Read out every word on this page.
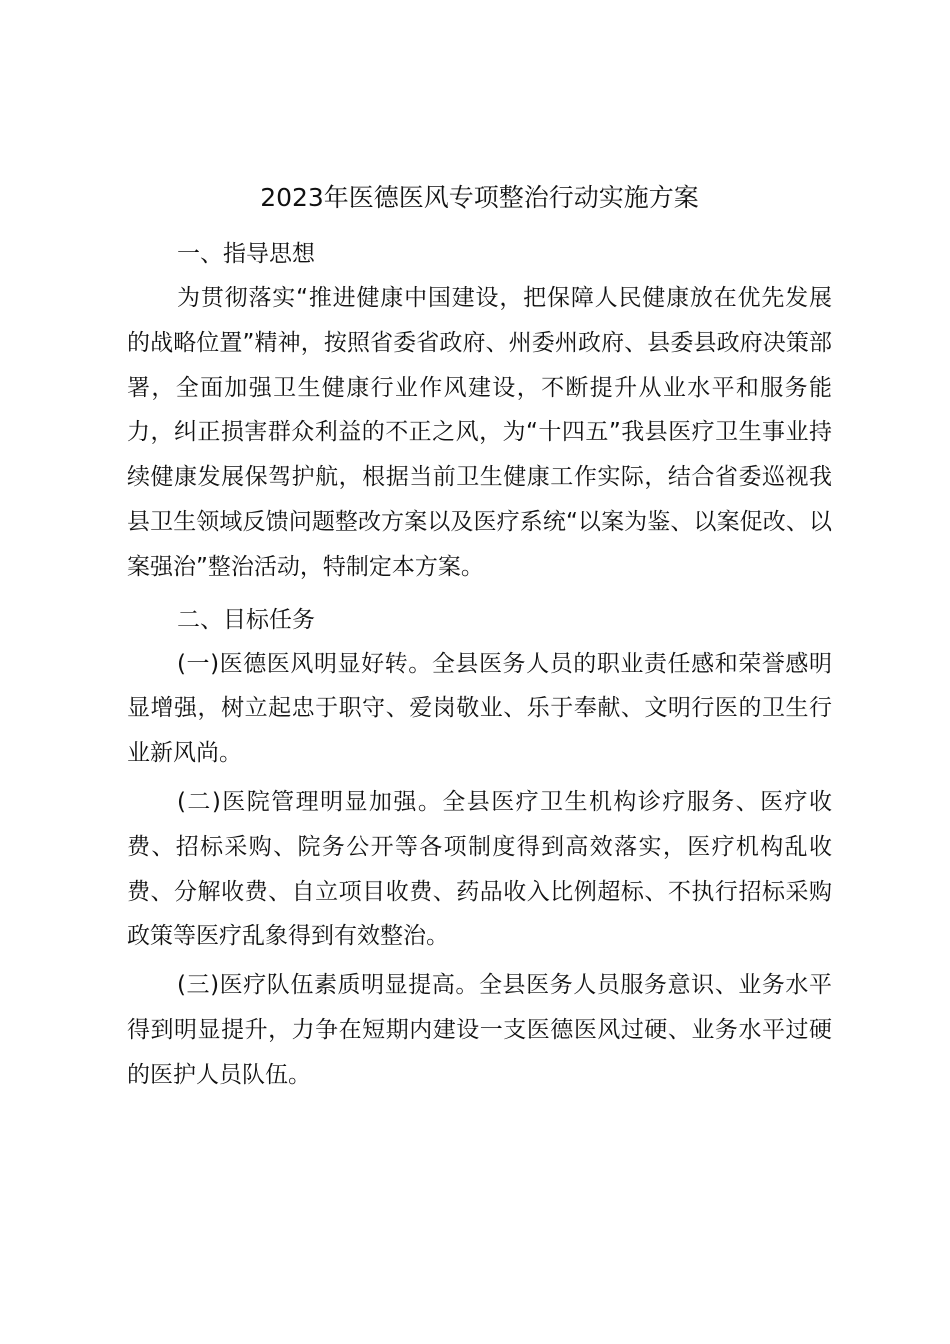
2023年医德医风专项整治行动实施方案

一、指导思想

为贯彻落实“推进健康中国建设，把保障人民健康放在优先发展的战略位置”精神，按照省委省政府、州委州政府、县委县政府决策部署，全面加强卫生健康行业作风建设，不断提升从业水平和服务能力，纠正损害群众利益的不正之风，为“十四五”我县医疗卫生事业持续健康发展保驾护航，根据当前卫生健康工作实际，结合省委巡视我县卫生领域反馈问题整改方案以及医疗系统“以案为鉴、以案促改、以案强治”整治活动，特制定本方案。

二、目标任务

(一)医德医风明显好转。全县医务人员的职业责任感和荣誉感明显增强，树立起忠于职守、爱岗敬业、乐于奉献、文明行医的卫生行业新风尚。

(二)医院管理明显加强。全县医疗卫生机构诊疗服务、医疗收费、招标采购、院务公开等各项制度得到高效落实，医疗机构乱收费、分解收费、自立项目收费、药品收入比例超标、不执行招标采购政策等医疗乱象得到有效整治。

(三)医疗队伍素质明显提高。全县医务人员服务意识、业务水平得到明显提升，力争在短期内建设一支医德医风过硬、业务水平过硬的医护人员队伍。
